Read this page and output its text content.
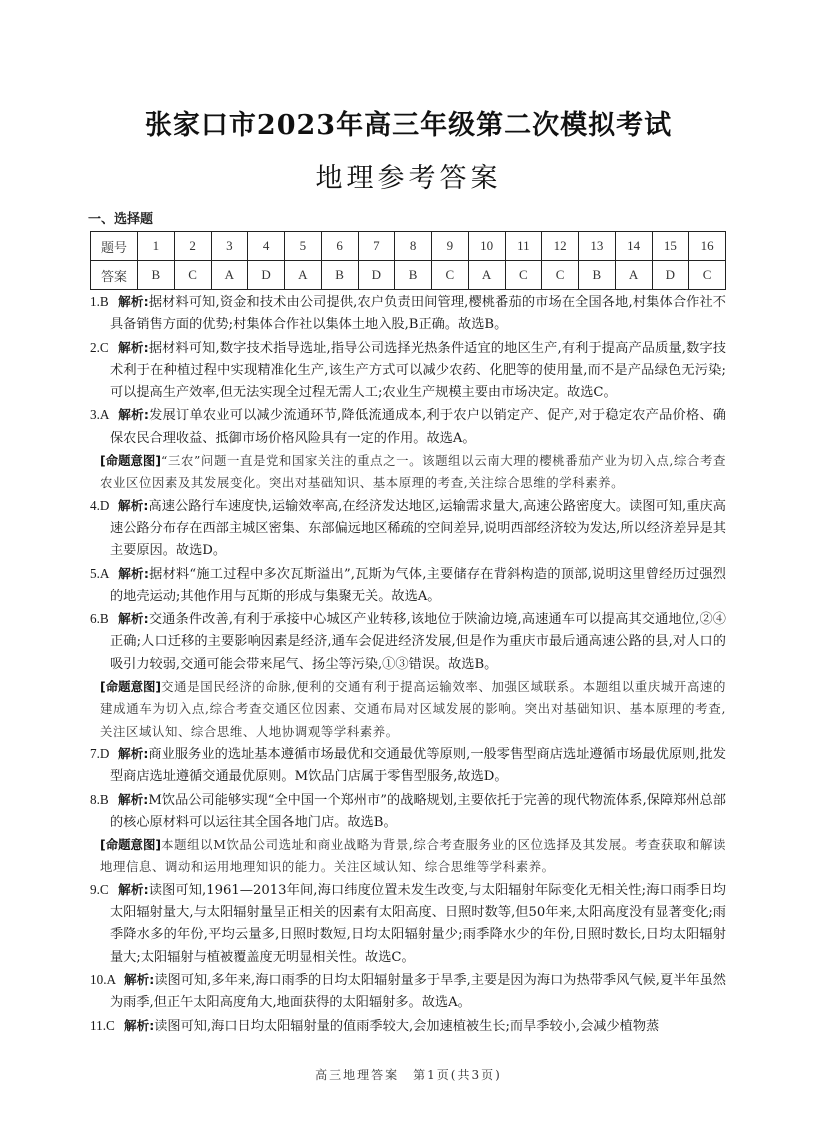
张家口市2023年高三年级第二次模拟考试
地理参考答案
一、选择题
题号	1	2	3	4	5	6	7	8	9	10	11	12	13	14	15	16
答案	B	C	A	D	A	B	D	B	C	A	C	C	B	A	D	C

1.B 解析:据材料可知,资金和技术由公司提供,农户负责田间管理,樱桃番茄的市场在全国各地,村集体合作社不具备销售方面的优势;村集体合作社以集体土地入股,B正确。故选B。

2.C 解析:据材料可知,数字技术指导选址,指导公司选择光热条件适宜的地区生产,有利于提高产品质量,数字技术利于在种植过程中实现精准化生产,该生产方式可以减少农药、化肥等的使用量,而不是产品绿色无污染;可以提高生产效率,但无法实现全过程无需人工;农业生产规模主要由市场决定。故选C。

3.A 解析:发展订单农业可以减少流通环节,降低流通成本,利于农户以销定产、促产,对于稳定农产品价格、确保农民合理收益、抵御市场价格风险具有一定的作用。故选A。

[命题意图]“三农”问题一直是党和国家关注的重点之一。该题组以云南大理的樱桃番茄产业为切入点,综合考查农业区位因素及其发展变化。突出对基础知识、基本原理的考查,关注综合思维的学科素养。

4.D 解析:高速公路行车速度快,运输效率高,在经济发达地区,运输需求量大,高速公路密度大。读图可知,重庆高速公路分布存在西部主城区密集、东部偏远地区稀疏的空间差异,说明西部经济较为发达,所以经济差异是其主要原因。故选D。

5.A 解析:据材料“施工过程中多次瓦斯溢出”,瓦斯为气体,主要储存在背斜构造的顶部,说明这里曾经历过强烈的地壳运动;其他作用与瓦斯的形成与集聚无关。故选A。

6.B 解析:交通条件改善,有利于承接中心城区产业转移,该地位于陕渝边境,高速通车可以提高其交通地位,②④正确;人口迁移的主要影响因素是经济,通车会促进经济发展,但是作为重庆市最后通高速公路的县,对人口的吸引力较弱,交通可能会带来尾气、扬尘等污染,①③错误。故选B。

[命题意图]交通是国民经济的命脉,便利的交通有利于提高运输效率、加强区域联系。本题组以重庆城开高速的建成通车为切入点,综合考查交通区位因素、交通布局对区域发展的影响。突出对基础知识、基本原理的考查,关注区域认知、综合思维、人地协调观等学科素养。

7.D 解析:商业服务业的选址基本遵循市场最优和交通最优等原则,一般零售型商店选址遵循市场最优原则,批发型商店选址遵循交通最优原则。M饮品门店属于零售型服务,故选D。

8.B 解析:M饮品公司能够实现“全中国一个郑州市”的战略规划,主要依托于完善的现代物流体系,保障郑州总部的核心原材料可以运往其全国各地门店。故选B。

[命题意图]本题组以M饮品公司选址和商业战略为背景,综合考查服务业的区位选择及其发展。考查获取和解读地理信息、调动和运用地理知识的能力。关注区域认知、综合思维等学科素养。

9.C 解析:读图可知,1961—2013年间,海口纬度位置未发生改变,与太阳辐射年际变化无相关性;海口雨季日均太阳辐射量大,与太阳辐射量呈正相关的因素有太阳高度、日照时数等,但50年来,太阳高度没有显著变化;雨季降水多的年份,平均云量多,日照时数短,日均太阳辐射量少;雨季降水少的年份,日照时数长,日均太阳辐射量大;太阳辐射与植被覆盖度无明显相关性。故选C。

10.A 解析:读图可知,多年来,海口雨季的日均太阳辐射量多于旱季,主要是因为海口为热带季风气候,夏半年虽然为雨季,但正午太阳高度角大,地面获得的太阳辐射多。故选A。

11.C 解析:读图可知,海口日均太阳辐射量的值雨季较大,会加速植被生长;而旱季较小,会减少植物蒸

高三地理答案　第1页(共3页)
